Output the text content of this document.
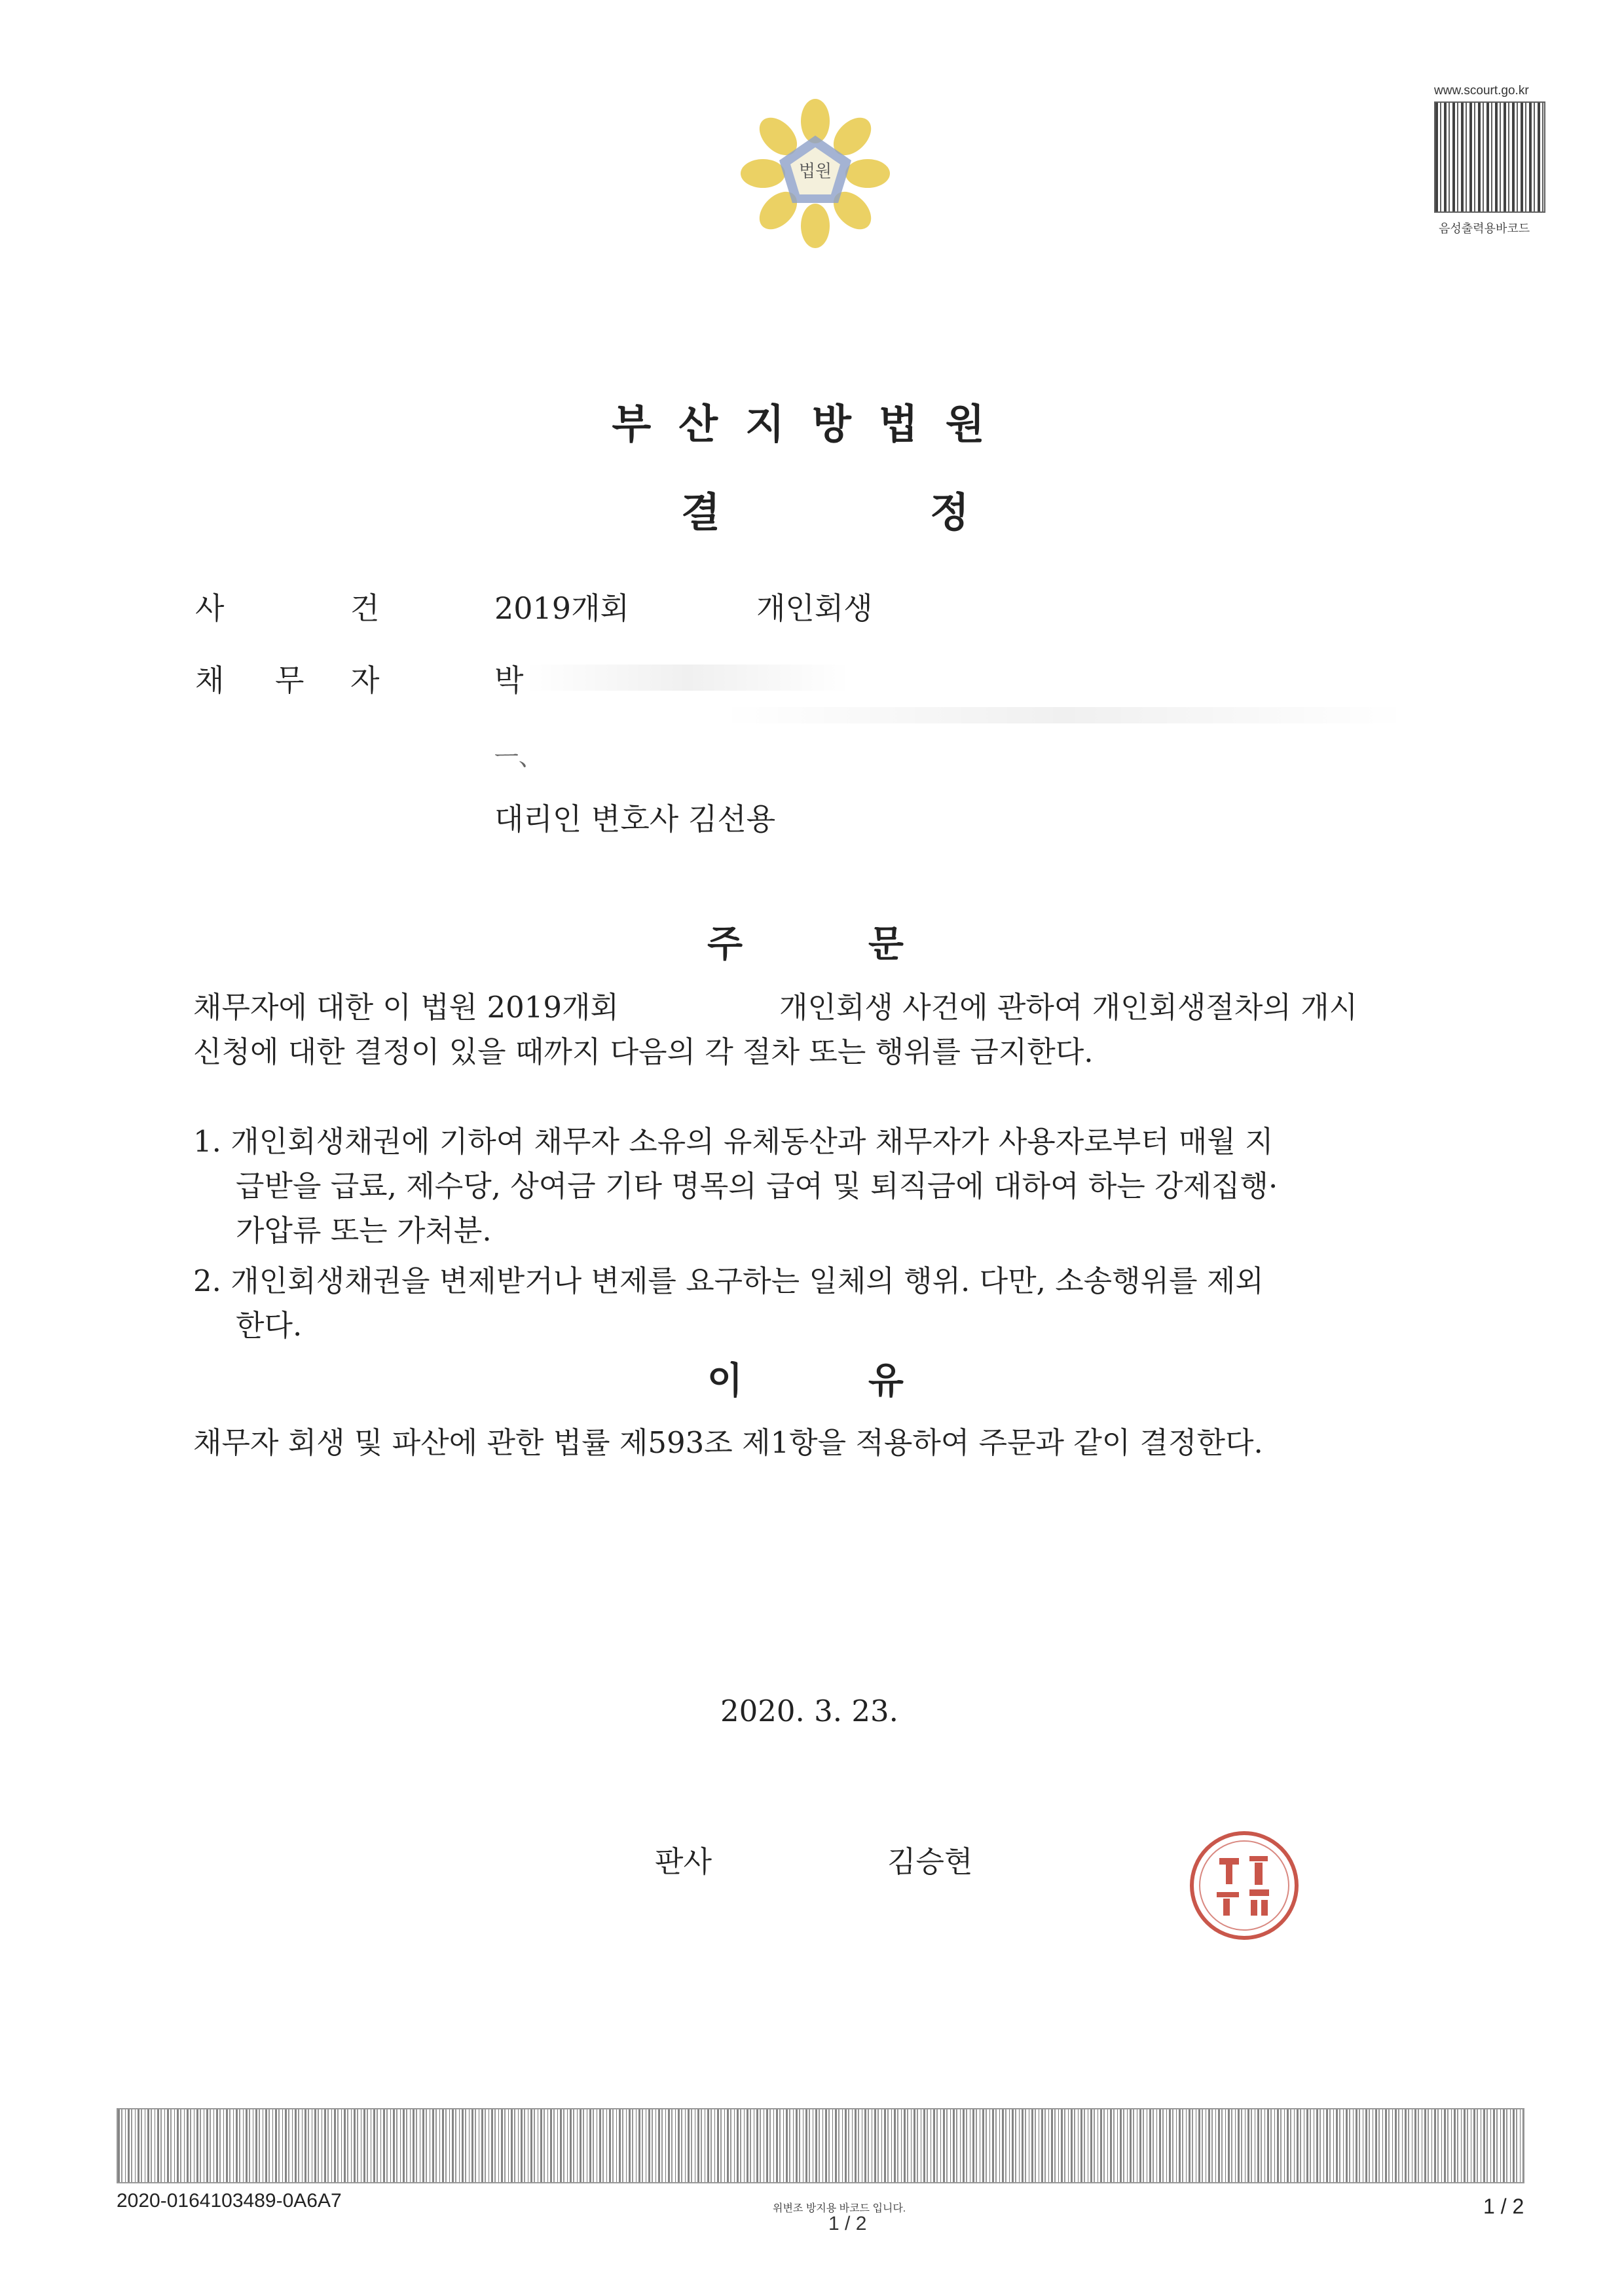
법원
www.scourt.go.kr
음성출력용바코드
부산지방법원
결	정
사	건	2019개회	개인회생
채 무 자	박
ㅡ、
대리인 변호사 김선용
주	문
채무자에 대한 이 법원 2019개회	개인회생 사건에 관하여 개인회생절차의 개시
신청에 대한 결정이 있을 때까지 다음의 각 절차 또는 행위를 금지한다.
1. 개인회생채권에 기하여 채무자 소유의 유체동산과 채무자가 사용자로부터 매월 지
급받을 급료, 제수당, 상여금 기타 명목의 급여 및 퇴직금에 대하여 하는 강제집행·
가압류 또는 가처분.
2. 개인회생채권을 변제받거나 변제를 요구하는 일체의 행위. 다만, 소송행위를 제외
한다.
이	유
채무자 회생 및 파산에 관한 법률 제593조 제1항을 적용하여 주문과 같이 결정한다.
2020. 3. 23.
판사	김승현
2020-0164103489-0A6A7	위변조 방지용 바코드 입니다.
1 / 2
1 / 2
